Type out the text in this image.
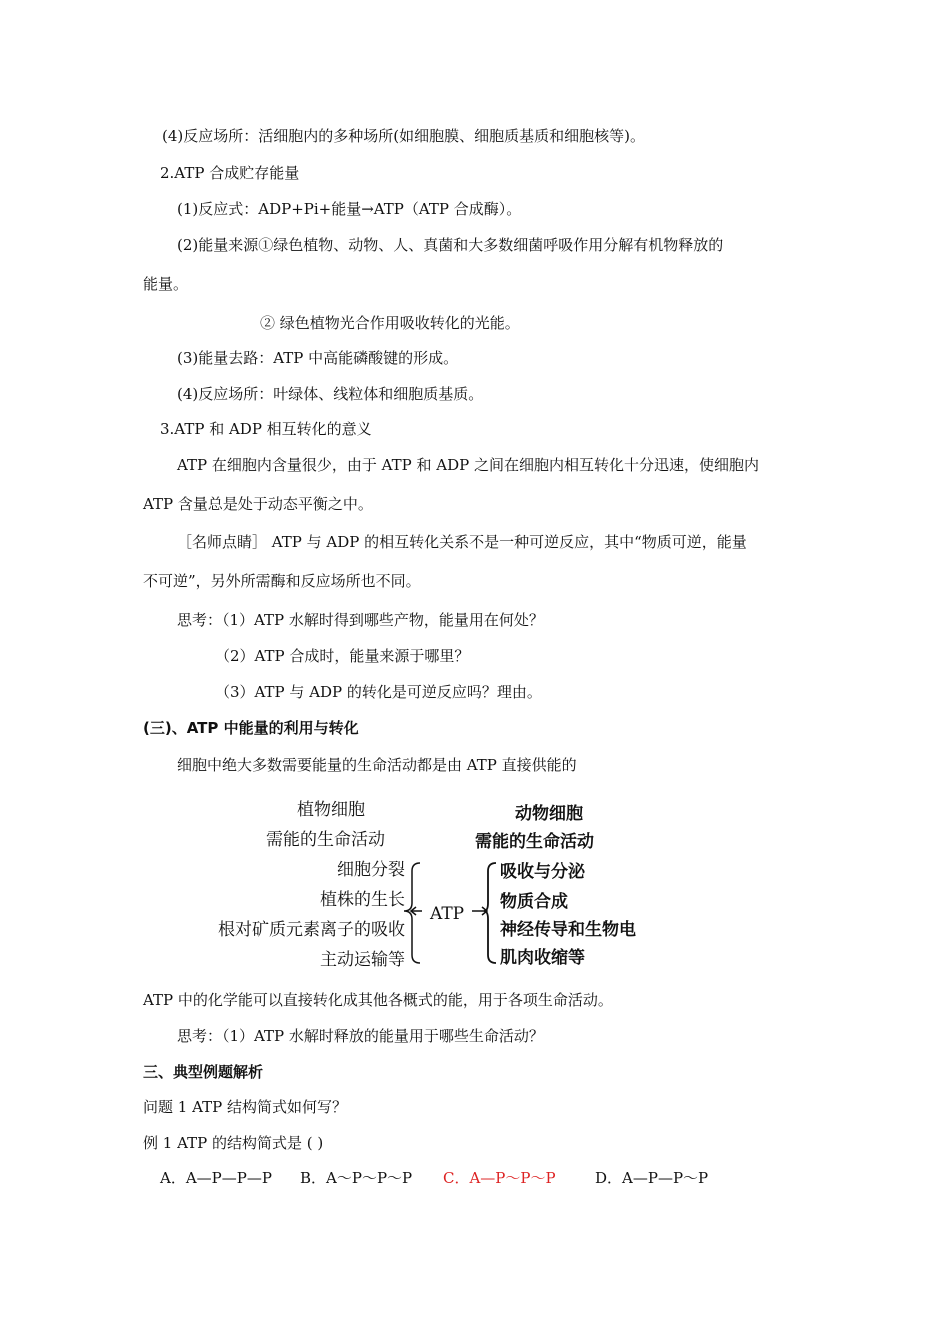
(4)反应场所：活细胞内的多种场所(如细胞膜、细胞质基质和细胞核等)。
2.ATP 合成贮存能量
(1)反应式：ADP+Pi+能量→ATP（ATP 合成酶）。
(2)能量来源①绿色植物、动物、人、真菌和大多数细菌呼吸作用分解有机物释放的
能量。
② 绿色植物光合作用吸收转化的光能。
(3)能量去路：ATP 中高能磷酸键的形成。
(4)反应场所：叶绿体、线粒体和细胞质基质。
3.ATP 和 ADP 相互转化的意义
ATP 在细胞内含量很少，由于 ATP 和 ADP 之间在细胞内相互转化十分迅速，使细胞内
ATP 含量总是处于动态平衡之中。
［名师点睛］ ATP 与 ADP 的相互转化关系不是一种可逆反应，其中“物质可逆，能量
不可逆”，另外所需酶和反应场所也不同。
思考：（1）ATP 水解时得到哪些产物，能量用在何处？
（2）ATP 合成时，能量来源于哪里？
（3）ATP 与 ADP 的转化是可逆反应吗？理由。
(三)、ATP 中能量的利用与转化
细胞中绝大多数需要能量的生命活动都是由 ATP 直接供能的
植物细胞
需能的生命活动
细胞分裂
植株的生长
根对矿质元素离子的吸收
主动运输等
ATP
动物细胞
需能的生命活动
吸收与分泌
物质合成
神经传导和生物电
肌肉收缩等
ATP 中的化学能可以直接转化成其他各概式的能，用于各项生命活动。
思考：（1）ATP 水解时释放的能量用于哪些生命活动？
三、典型例题解析
问题 1 ATP 结构简式如何写？
例 1 ATP 的结构简式是 ( )
A．A—P—P—P B．A～P～P～P C．A—P～P～P	D．A—P—P～P
